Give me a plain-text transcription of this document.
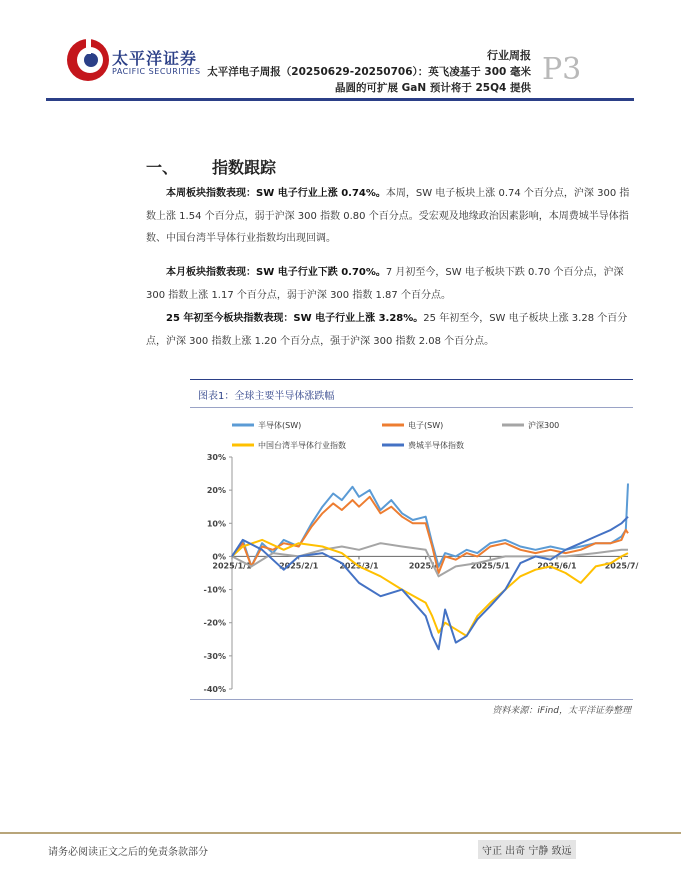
太平洋证券
PACIFIC SECURITIES
行业周报
太平洋电子周报（20250629-20250706）：英飞凌基于 300 毫米
晶圆的可扩展 GaN 预计将于 25Q4 提供
P3
一、 指数跟踪

本周板块指数表现：SW 电子行业上涨 0.74%。本周，SW 电子板块上涨 0.74 个百分点，沪深 300 指数上涨 1.54 个百分点，弱于沪深 300 指数 0.80 个百分点。受宏观及地缘政治因素影响，本周费城半导体指数、中国台湾半导体行业指数均出现回调。

本月板块指数表现：SW 电子行业下跌 0.70%。7 月初至今，SW 电子板块下跌 0.70 个百分点，沪深 300 指数上涨 1.17 个百分点，弱于沪深 300 指数 1.87 个百分点。

25 年初至今板块指数表现：SW 电子行业上涨 3.28%。25 年初至今，SW 电子板块上涨 3.28 个百分点，沪深 300 指数上涨 1.20 个百分点，强于沪深 300 指数 2.08 个百分点。

图表1：全球主要半导体涨跌幅
半导体(SW)	电子(SW)	沪深300
中国台湾半导体行业指数	费城半导体指数
30%
20%
10%
0%
-10%
-20%
-30%
-40%
2025/1/1	2025/2/1	2025/3/1	2025/4/	2025/5/1	2025/6/1	2025/7/
资料来源：iFind，太平洋证券整理
请务必阅读正文之后的免责条款部分	守正 出奇 宁静 致远
